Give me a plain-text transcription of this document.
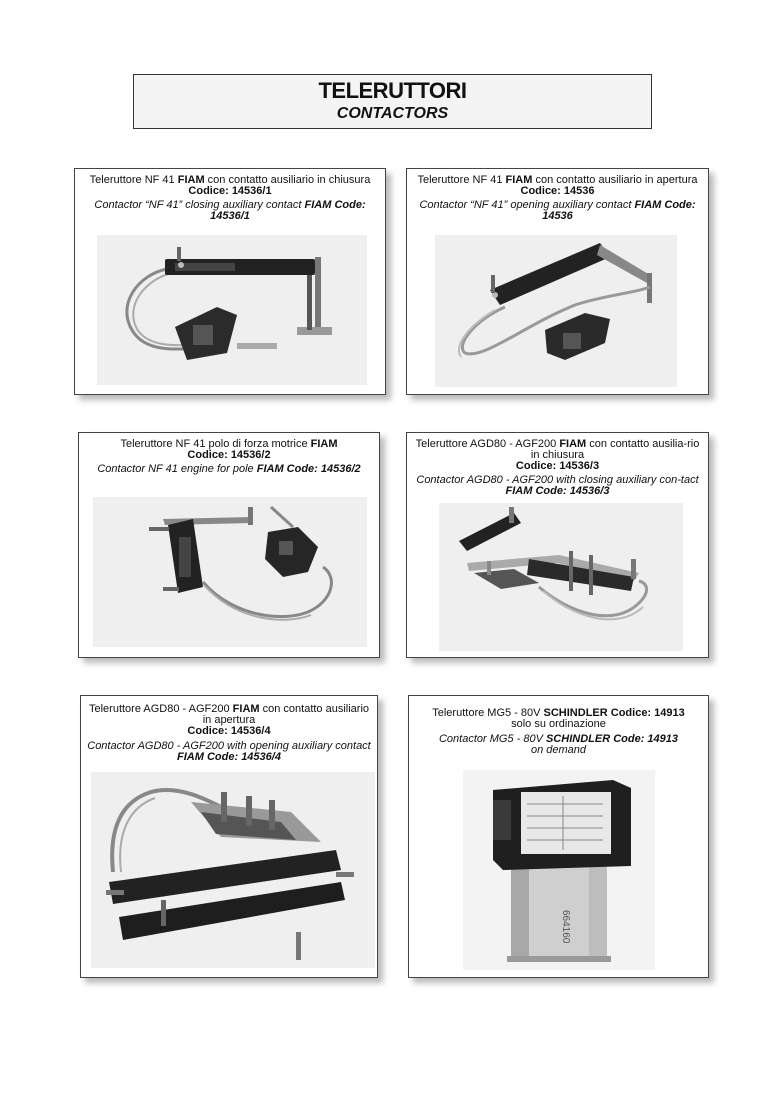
TELERUTTORI
CONTACTORS
Teleruttore NF 41 FIAM con contatto ausiliario in chiusura
Codice: 14536/1
Contactor “NF 41” closing auxiliary contact FIAM Code: 14536/1
Teleruttore NF 41 FIAM con contatto ausiliario in apertura Codice: 14536
Contactor “NF 41” opening auxiliary contact FIAM Code: 14536
Teleruttore NF 41 polo di forza motrice FIAM
Codice: 14536/2
Contactor NF 41 engine for pole FIAM Code: 14536/2
Teleruttore AGD80 - AGF200 FIAM con contatto ausilia-rio in chiusura
Codice: 14536/3
Contactor AGD80 - AGF200 with closing auxiliary con-tact FIAM Code: 14536/3
Teleruttore AGD80 - AGF200 FIAM con contatto ausiliario in apertura
Codice: 14536/4
Contactor AGD80 - AGF200 with opening auxiliary contact FIAM Code: 14536/4
Teleruttore MG5 - 80V SCHINDLER Codice: 14913
solo su ordinazione
Contactor MG5 - 80V SCHINDLER Code: 14913
on demand
664160
